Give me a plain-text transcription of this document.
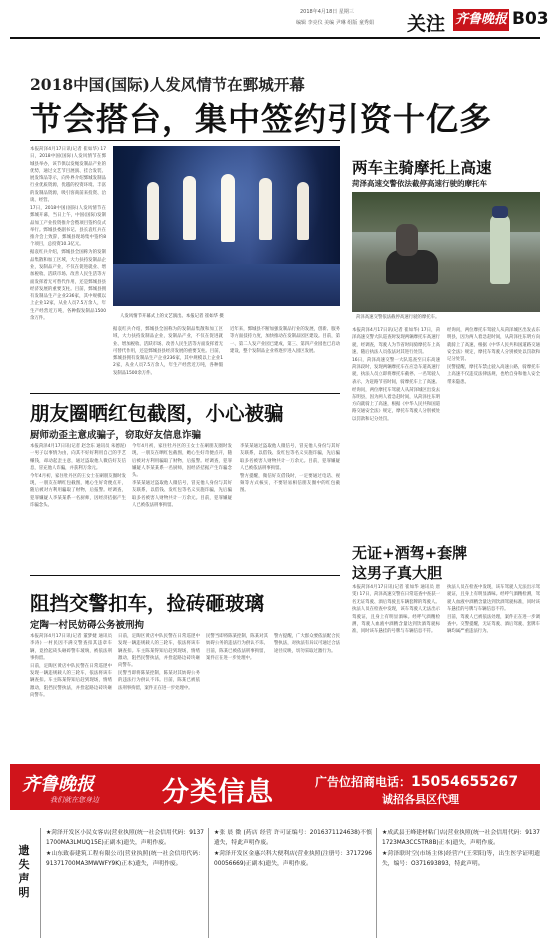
2018年4月18日 星期三
编辑 李亮仪 美编 尹琳 组版 童秀娟 关注 齐鲁晚报 B03
2018中国(国际)人发风情节在鄄城开幕
节会搭台，集中签约引资十亿多

本报菏泽4月17日讯(记者 崔如华) 17日，2018中国(国际)人发风情节在鄄城县举办，该节俱以发绳发制品产业的优势，通过文艺节目展演、挂合发装、展发饰品等示，向外界介绍鄄城发制品行业优质资源，优越的投资环境、丰富的发制品资源，吸引客商前来投资、洽谈、经营。

17日，2018中国(国际)人发风情节在鄄城开幕，当日上午，中国(国际)发制品加工产业投资推介会暨项目签约仪式举行。鄄城县委副书记、县长袁红兵在推介会上致辞，鄄城县现场集中签约8个项目，总投资10.3亿元。

据袁红兵介绍，鄄城县全国称为的发制品集散和加工区域，大力扶持发制品企业，发制品产业，不仅在促进就业、增加税收、活跃市场、改善人民生活等方面发挥着无可替代作用，还是鄄城县县经济发展的重要支柱。目前，鄄城县拥有发制品生产企业236家，其中规模以上企业12家，从业人员7.5万余人，年生产经营近万吨，各种假发制品1500余万件。	人发风情节开幕式上的文艺演出。本报记者 崔如华 摄

据袁红兵介绍，鄄城县全国称为的发制品集散和加工区域，大力扶持发制品企业，发制品产业，不仅在促进就业、增加税收、活跃市场、改善人民生活等方面发挥着无可替代作用，还是鄄城县县经济发展的重要支柱。目前，鄄城县拥有发制品生产企业236家，其中规模以上企业12家，从业人员7.5万余人，年生产经营近万吨，各种假发制品1500余万件。

近年来，鄄城县不断加强发制品行业的发展，创新、服务等方面技持力度，加快推动在发制品园区建设。目前，第一、第二人发产业园已建成，第三、第四产业园也已启动建设，整个发制品企业将逐步进入园区发展。

两车主骑摩托上高速
菏泽高速交警依法截停高速行驶的摩托车
菏泽高速交警依法截停高速行驶的摩托车。

本报菏泽4月17日讯(记者 崔如华) 17日，菏泽高速交警大队巡查时发现两辆摩托车高速行驶，经调查，驾驶人为节省时间骑摩托车上高速，随后执法人员依法对其进行处罚。

16日，菏泽高速交警一大队巡查至日东高速菏泽段时，发现两辆摩托车在应急车道高速行驶，执法人员立即将摩托车截停。一名驾驶人表示，为赶路节省时间，骑摩托车上了高速。

经询问，两位摩托车驾驶人从菏泽城区出发去东明县，因为两人着急赶时间，从菏泽往东明方向就骑上了高速，根据《中华人民共和国道路交通安全法》规定，摩托车驾驶人分别被处以罚款和记分处罚。

经询问，两位摩托车驾驶人从菏泽城区出发去东明县，因为两人着急赶时间，从菏泽往东明方向就骑上了高速，根据《中华人民共和国道路交通安全法》规定，摩托车驾驶人分别被处以罚款和记分处罚。

民警提醒，摩托车禁止驶入高速公路，骑摩托车上高速不仅违反法律法规，也给自身和他人安全带来隐患。

朋友圈晒红包截图，小心被骗
厨师动歪主意成骗子，窃取好友信息诈骗

本报菏泽4月17日讯(记者 赵念东 通讯员 朱德泥) 一男子以事情为由，向其不好好利用自己的手艺赚钱，却动起歪主意，通过盗取他人微信好友信息，冒充他人诈骗，并获利万余元。

今年4月初，家住牡丹区的王女士在刷朋友圈时发现，一朋友在晒红包截图，她心生好奇便点开，随后被对方利用骗取了财物，后报警。经调查，犯罪嫌疑人李某某系一名厨师，因经济拮据产生诈骗念头。

今年4月初，家住牡丹区的王女士在刷朋友圈时发现，一朋友在晒红包截图，她心生好奇便点开，随后被对方利用骗取了财物，后报警。经调查，犯罪嫌疑人李某某系一名厨师，因经济拮据产生诈骗念头。

李某某通过盗取他人微信号，冒充他人身份与其好友联系，以借钱、发红包等名义实施诈骗，先后骗取多名被害人财物共计一万余元。目前，犯罪嫌疑人已被依法刑事拘留。

李某某通过盗取他人微信号，冒充他人身份与其好友联系，以借钱、发红包等名义实施诈骗，先后骗取多名被害人财物共计一万余元。目前，犯罪嫌疑人已被依法刑事拘留。

警方提醒，微信好友借钱时，一定要通过电话、视频等方式核实，不要轻易相信朋友圈中的红包截图。

无证+酒驾+套牌
这男子真大胆

本报菏泽4月17日讯(记者 崔如华 通讯员 唐雯) 17日，菏泽高速交警在日常巡查中查获一名无证驾驶、酒后驾驶且车辆套牌的驾驶人。

执法人员在检查中发现，该车驾驶人无法出示驾驶证，且身上有明显酒味。经呼气酒精检测，驾驶人血液中酒精含量达到饮酒驾驶标准，同时该车悬挂的号牌与车辆信息不符。

执法人员在检查中发现，该车驾驶人无法出示驾驶证，且身上有明显酒味。经呼气酒精检测，驾驶人血液中酒精含量达到饮酒驾驶标准，同时该车悬挂的号牌与车辆信息不符。

目前，驾驶人已被依法处理，案件正在进一步调查中。交警提醒，无证驾驶、酒后驾驶、套牌车辆均属严重违法行为。

阻挡交警扣车，捡砖砸玻璃
定陶一村民妨碍公务被刑拘

本报菏泽4月17日讯(记者 董梦婕 通讯员 李涛) 一村民因不满交警查扣其违章车辆，竟捡起砖头砸碎警车玻璃，被依法刑事拘留。

日前，定陶区黄店中队民警在日常巡逻中发现一辆违规载人的三轮车，依法将该车辆查扣。车主陈某得知后赶到现场，情绪激动，阻挡民警执法，并捡起路边砖块砸向警车。

日前，定陶区黄店中队民警在日常巡逻中发现一辆违规载人的三轮车，依法将该车辆查扣。车主陈某得知后赶到现场，情绪激动，阻挡民警执法，并捡起路边砖块砸向警车。

民警当即将陈某控制，陈某对其妨碍公务的违法行为供认不讳。目前，陈某已被依法刑事拘留，案件正在进一步处理中。

民警当即将陈某控制，陈某对其妨碍公务的违法行为供认不讳。目前，陈某已被依法刑事拘留，案件正在进一步处理中。

警方提醒，广大群众要依法配合民警执法，对执法有异议可通过合法途径反映，切勿采取过激行为。

齐鲁晚报
我们就在您身边 分类信息	广告位招商电话：15054655267
诚招各县区代理
遗失声明

★菏泽开发区小民女客店(营业执照(统一社会信用代码：91371700MA3LMUQ15E)正副本)遗失，声明作废。

★山东致泰建筑工程有限公司(营业执照(统一社会信用代码：91371700MA3MWWFY9K)正本)遗失，声明作废。

★张 晨 微 (药店 经营 许可证编号：2016371124638)不慎遗失，特此声明作废。

★菏泽开发区金惠兴科大便利店(营业执照(注册号：371729600056669)正副本)遗失，声明作废。

★成武县王峰建材粘门店(营业执照(统一社会信用代码：91371723MA3CC5TR8B)正本)遗失，声明作废。

★菏泽联时空(市场主体)经营户(王荣阳)等，出生医学证明遗失，编号：O371693893，特此声明。
